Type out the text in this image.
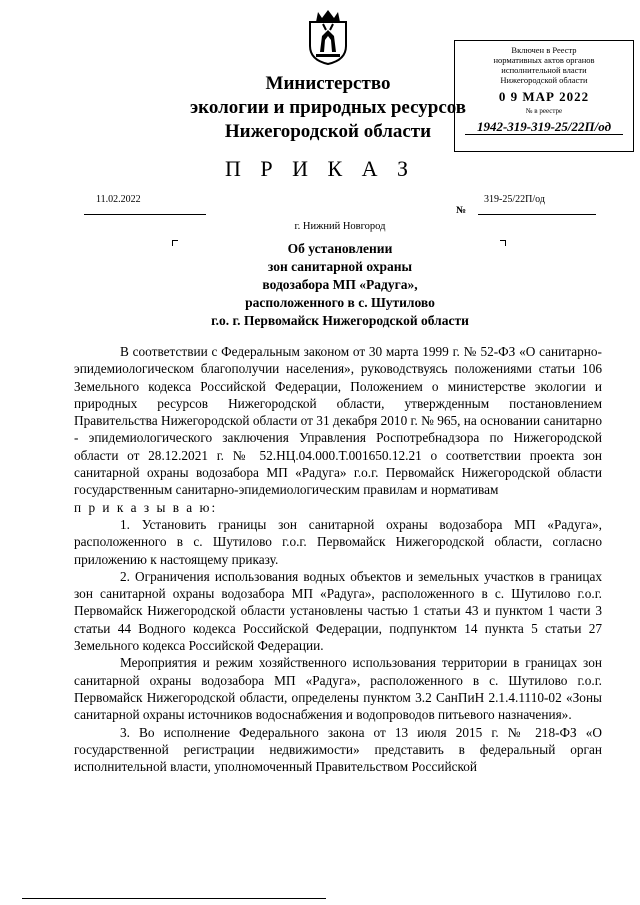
Министерство
экологии и природных ресурсов
Нижегородской области
Включен в Реестр
нормативных актов органов
исполнительной власти
Нижегородской области
0 9 МАР 2022
№ в реестре
1942-319-319-25/22П/од
П Р И К А З
11.02.2022
№
319-25/22П/од
г. Нижний Новгород
Об установлении
зон санитарной охраны
водозабора МП «Радуга»,
расположенного в с. Шутилово
г.о. г. Первомайск Нижегородской области

В соответствии с Федеральным законом от 30 марта 1999 г. № 52-ФЗ «О санитарно-эпидемиологическом благополучии населения», руководствуясь положениями статьи 106 Земельного кодекса Российской Федерации, Положением о министерстве экологии и природных ресурсов Нижегородской области, утвержденным постановлением Правительства Нижегородской области от 31 декабря 2010 г. № 965, на основании санитарно - эпидемиологического заключения Управления Роспотребнадзора по Нижегородской области от 28.12.2021 г. № 52.НЦ.04.000.Т.001650.12.21 о соответствии проекта зон санитарной охраны водозабора МП «Радуга» г.о.г. Первомайск Нижегородской области государственным санитарно-эпидемиологическим правилам и нормативам

п р и к а з ы в а ю:

1. Установить границы зон санитарной охраны водозабора МП «Радуга», расположенного в с. Шутилово г.о.г. Первомайск Нижегородской области, согласно приложению к настоящему приказу.

2. Ограничения использования водных объектов и земельных участков в границах зон санитарной охраны водозабора МП «Радуга», расположенного в с. Шутилово г.о.г. Первомайск Нижегородской области установлены частью 1 статьи 43 и пунктом 1 части 3 статьи 44 Водного кодекса Российской Федерации, подпунктом 14 пункта 5 статьи 27 Земельного кодекса Российской Федерации.

Мероприятия и режим хозяйственного использования территории в границах зон санитарной охраны водозабора МП «Радуга», расположенного в с. Шутилово г.о.г. Первомайск Нижегородской области, определены пунктом 3.2 СанПиН 2.1.4.1110-02 «Зоны санитарной охраны источников водоснабжения и водопроводов питьевого назначения».

3. Во исполнение Федерального закона от 13 июля 2015 г. № 218-ФЗ «О государственной регистрации недвижимости» представить в федеральный орган исполнительной власти, уполномоченный Правительством Российской
